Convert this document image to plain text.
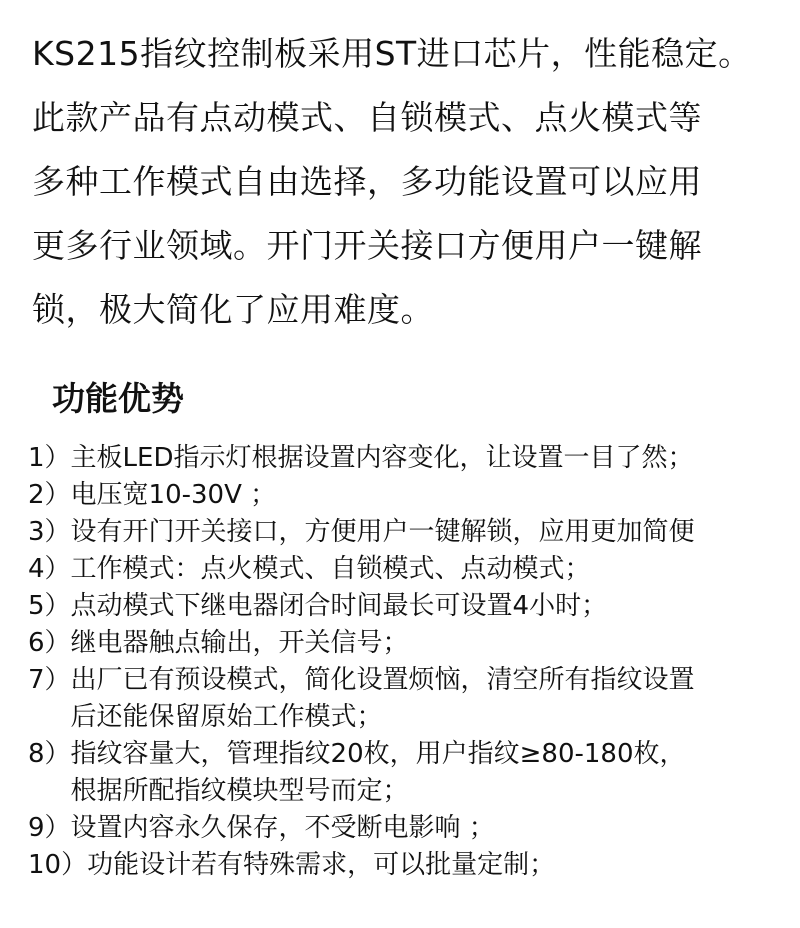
KS215指纹控制板采用ST进口芯片，性能稳定。
此款产品有点动模式、自锁模式、点火模式等
多种工作模式自由选择，多功能设置可以应用
更多行业领域。开门开关接口方便用户一键解
锁，极大简化了应用难度。
功能优势
1） 主板LED指示灯根据设置内容变化，让设置一目了然；
2） 电压宽10-30V ；
3） 设有开门开关接口，方便用户一键解锁，应用更加简便
4） 工作模式：点火模式、自锁模式、点动模式；
5） 点动模式下继电器闭合时间最长可设置4小时；
6） 继电器触点输出，开关信号；
7） 出厂已有预设模式，简化设置烦恼，清空所有指纹设置
后还能保留原始工作模式；
8） 指纹容量大，管理指纹20枚，用户指纹≥80-180枚，
根据所配指纹模块型号而定；
9） 设置内容永久保存，不受断电影响 ；
10） 功能设计若有特殊需求，可以批量定制；
